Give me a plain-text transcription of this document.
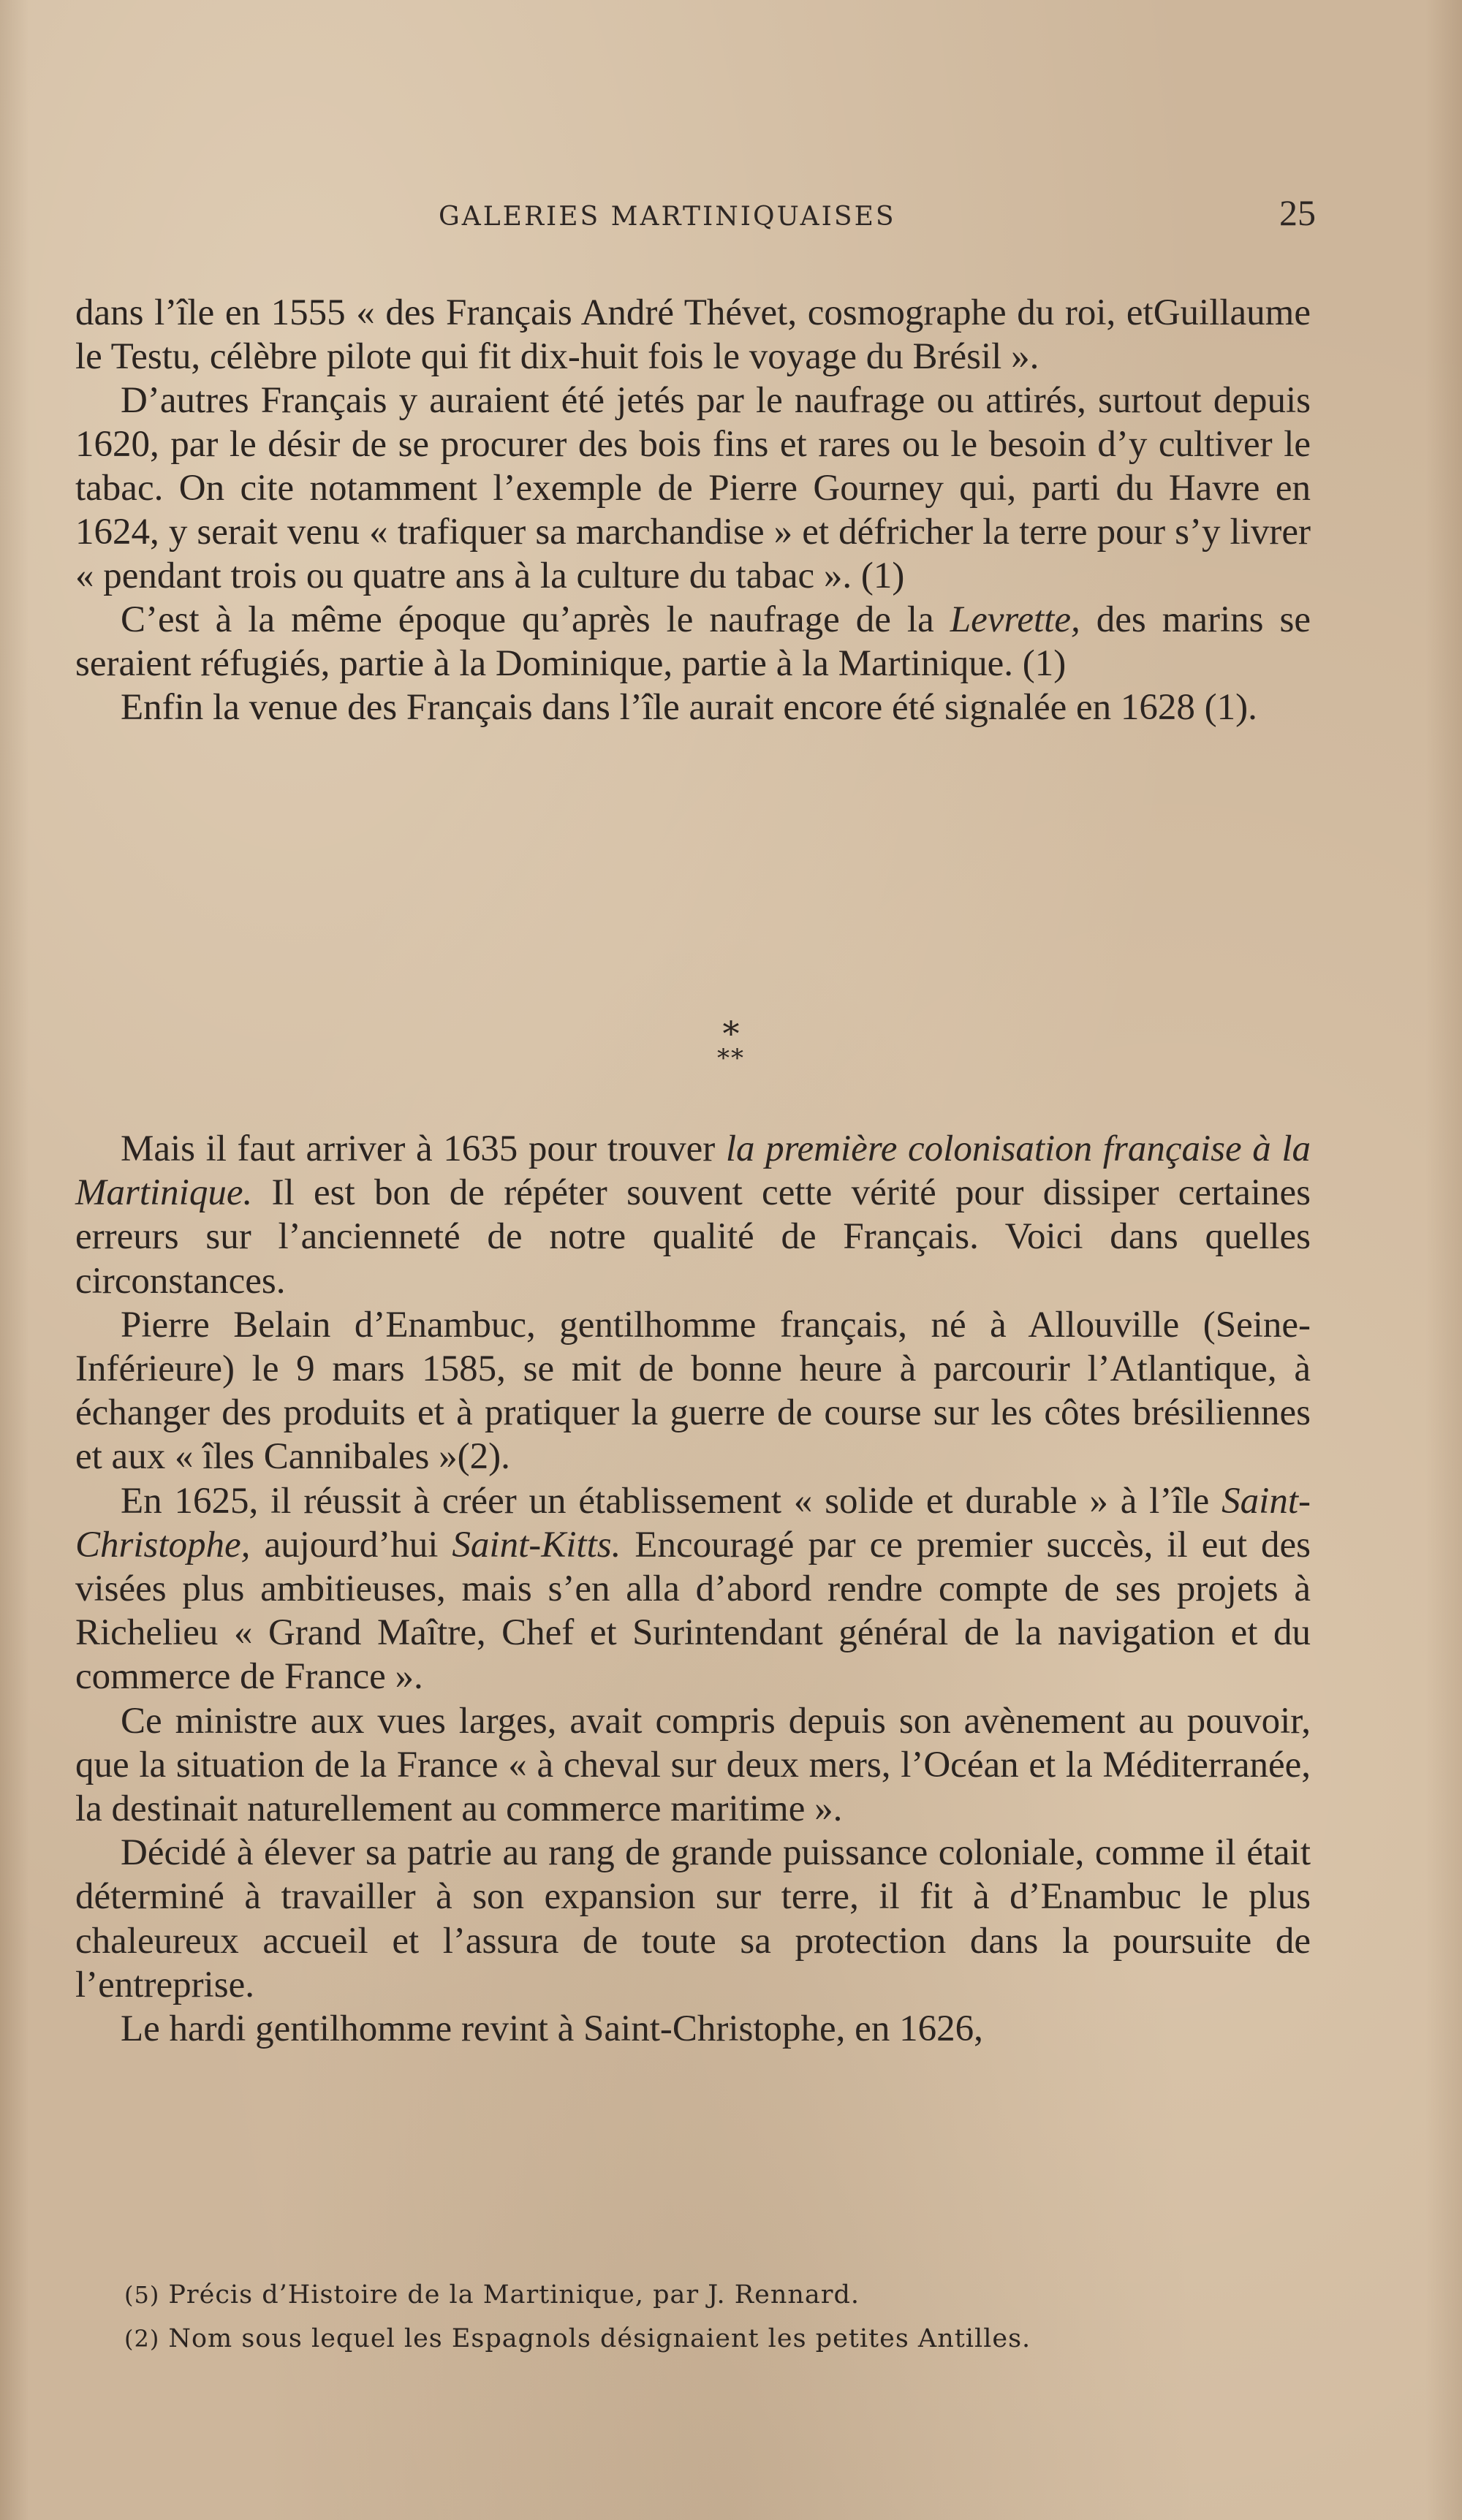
GALERIES MARTINIQUAISES	25

dans l’île en 1555 « des Français André Thévet, cosmographe du roi, etGuillaume le Testu, célèbre pilote qui fit dix-huit fois le voyage du Brésil ».

D’autres Français y auraient été jetés par le naufrage ou attirés, surtout depuis 1620, par le désir de se procurer des bois fins et rares ou le besoin d’y cultiver le tabac. On cite notamment l’exemple de Pierre Gourney qui, parti du Havre en 1624, y serait venu « trafiquer sa marchandise » et défricher la terre pour s’y livrer « pendant trois ou quatre ans à la culture du tabac ». (1)

C’est à la même époque qu’après le naufrage de la Levrette, des marins se seraient réfugiés, partie à la Dominique, partie à la Martinique. (1)

Enfin la venue des Français dans l’île aurait encore été signalée en 1628 (1).

*
**

Mais il faut arriver à 1635 pour trouver la première colonisation française à la Martinique. Il est bon de répéter souvent cette vérité pour dissiper certaines erreurs sur l’ancienneté de notre qualité de Français. Voici dans quelles circonstances.

Pierre Belain d’Enambuc, gentilhomme français, né à Allouville (Seine-Inférieure) le 9 mars 1585, se mit de bonne heure à parcourir l’Atlantique, à échanger des produits et à pratiquer la guerre de course sur les côtes brésiliennes et aux « îles Cannibales »(2).

En 1625, il réussit à créer un établissement « solide et durable » à l’île Saint-Christophe, aujourd’hui Saint-Kitts. Encouragé par ce premier succès, il eut des visées plus ambitieuses, mais s’en alla d’abord rendre compte de ses projets à Richelieu « Grand Maître, Chef et Surintendant général de la navigation et du commerce de France ».

Ce ministre aux vues larges, avait compris depuis son avènement au pouvoir, que la situation de la France « à cheval sur deux mers, l’Océan et la Méditerranée, la destinait naturellement au commerce maritime ».

Décidé à élever sa patrie au rang de grande puissance coloniale, comme il était déterminé à travailler à son expansion sur terre, il fit à d’Enambuc le plus chaleureux accueil et l’assura de toute sa protection dans la poursuite de l’entreprise.

Le hardi gentilhomme revint à Saint-Christophe, en 1626,

(5) Précis d’Histoire de la Martinique, par J. Rennard.
(2) Nom sous lequel les Espagnols désignaient les petites Antilles.
